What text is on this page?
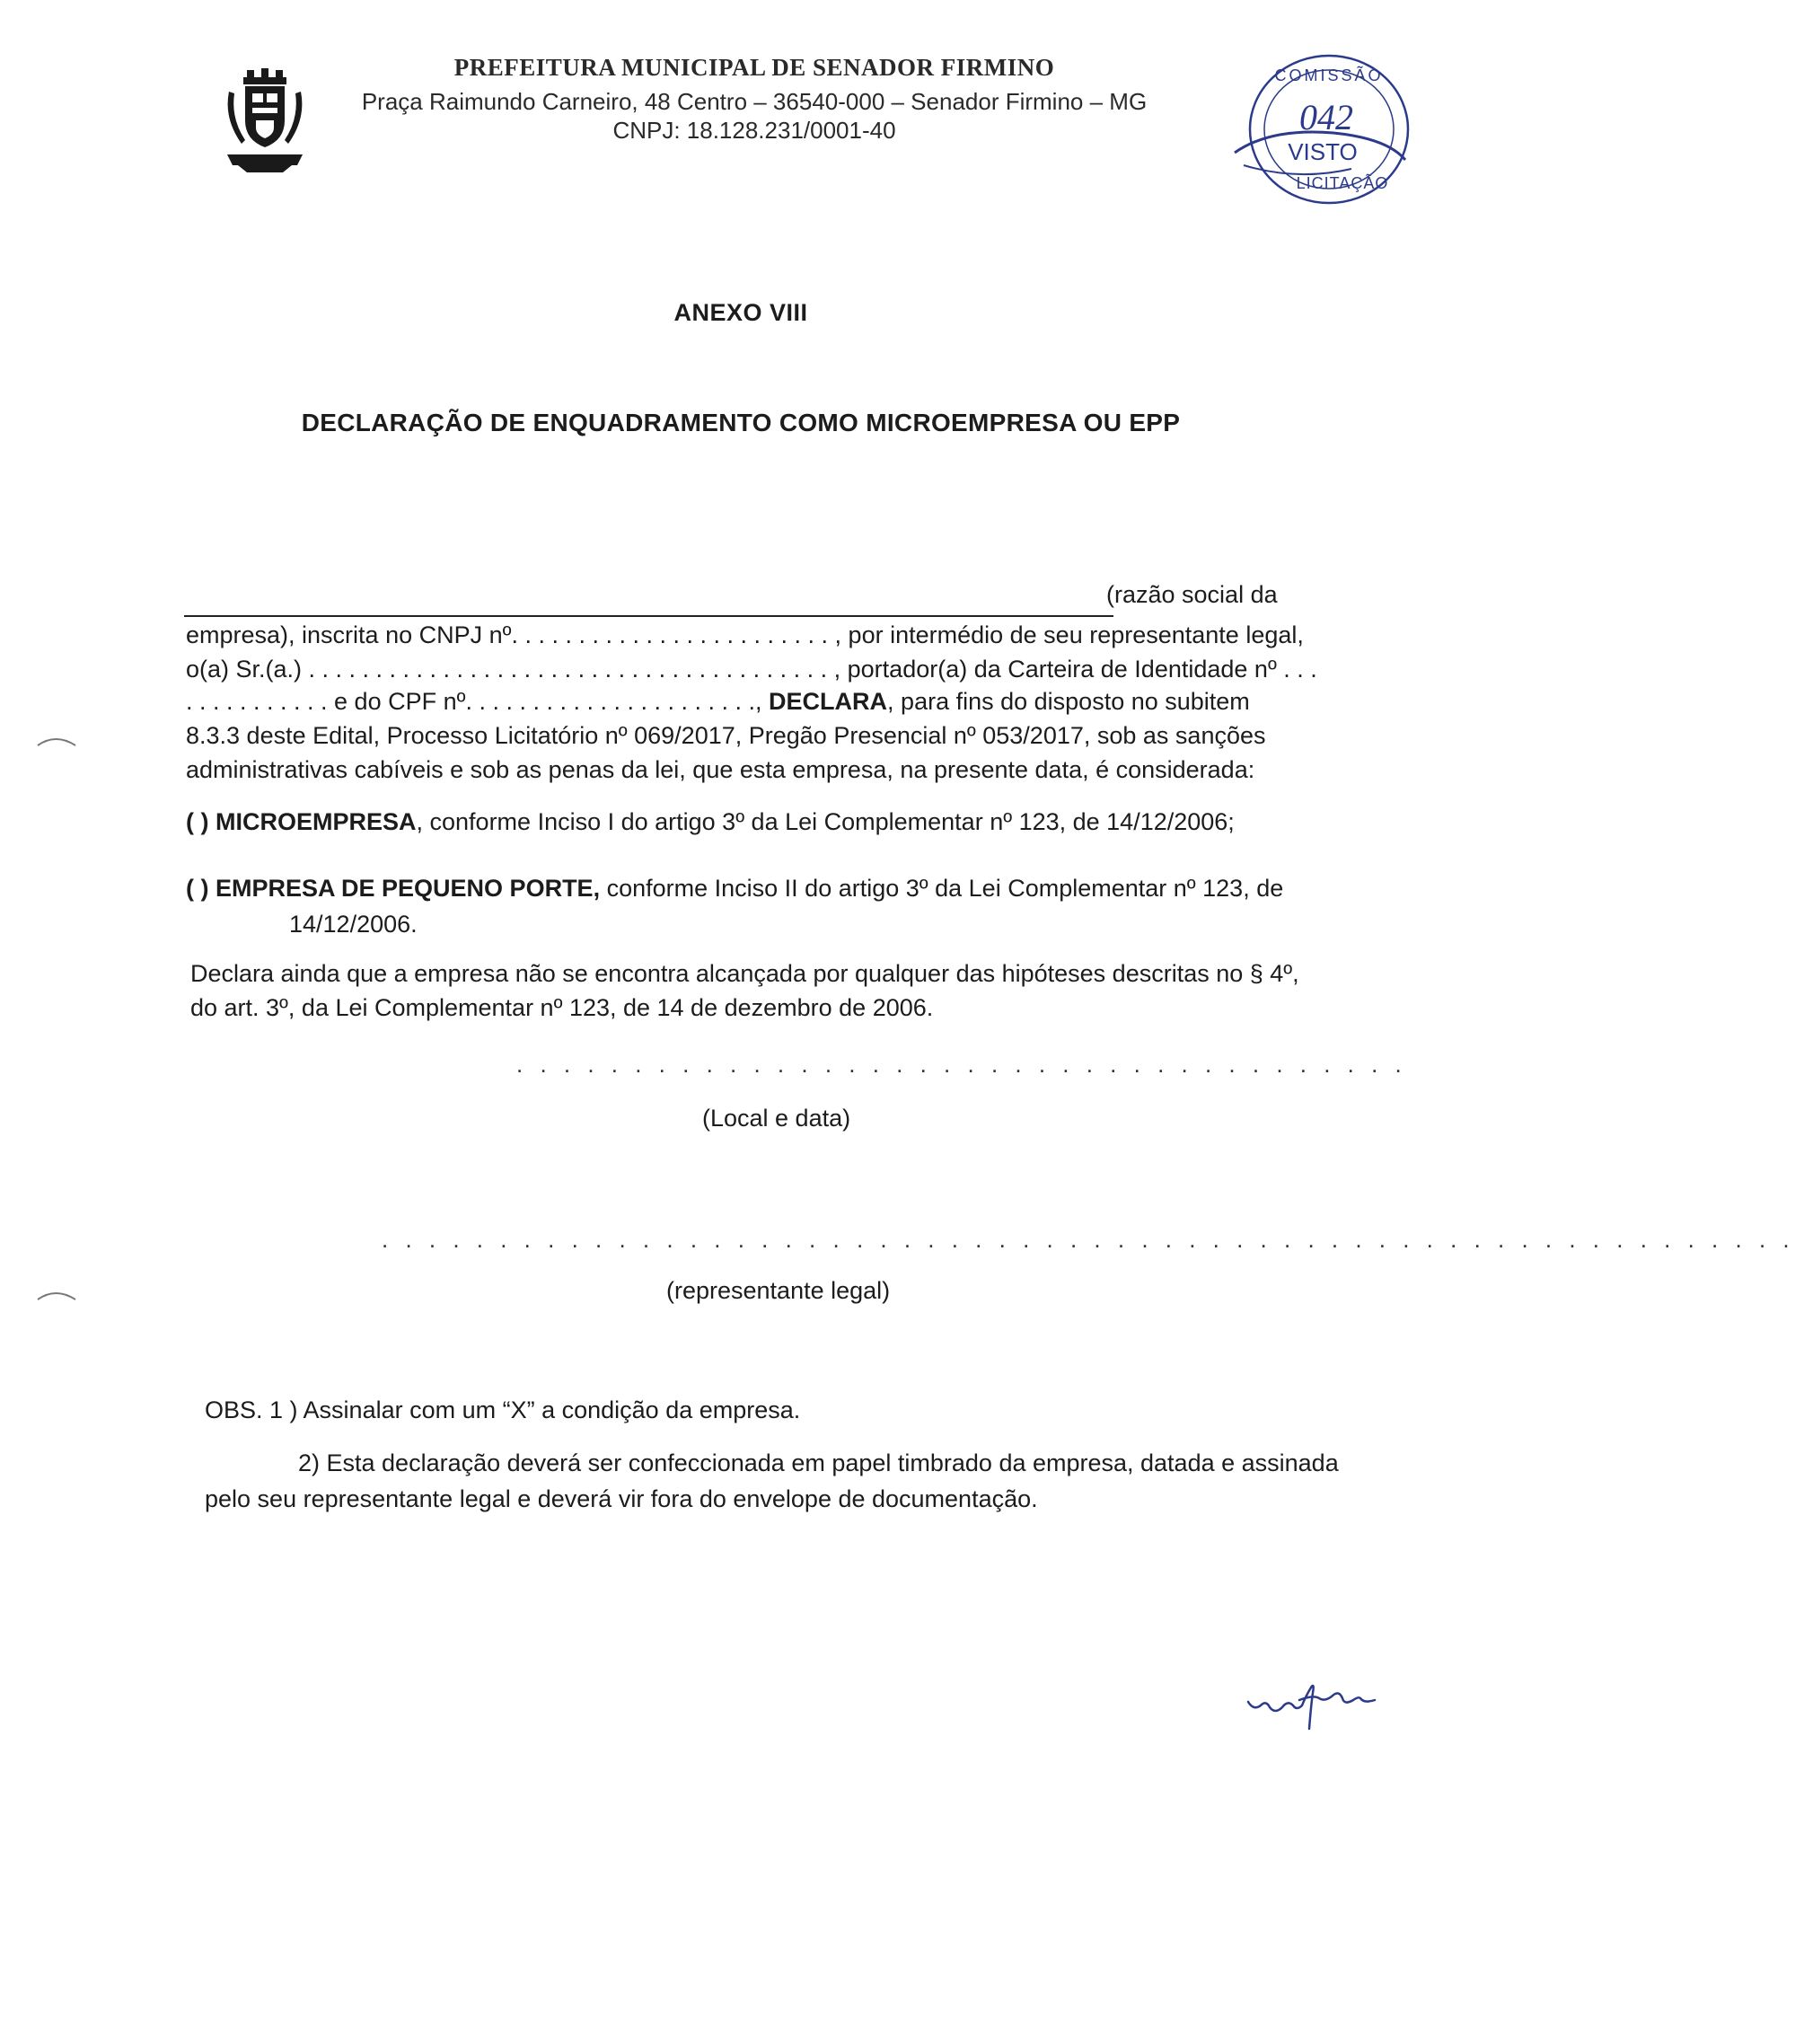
PREFEITURA MUNICIPAL DE SENADOR FIRMINO
Praça Raimundo Carneiro, 48 Centro – 36540-000 – Senador Firmino – MG
CNPJ: 18.128.231/0001-40
COMISSÃO
042
VISTO
LICITAÇÃO
ANEXO VIII
DECLARAÇÃO DE ENQUADRAMENTO COMO MICROEMPRESA OU EPP
(razão social da
empresa), inscrita no CNPJ nº. . . . . . . . . . . . . . . . . . . . . . . . , por intermédio de seu representante legal,
o(a) Sr.(a.) . . . . . . . . . . . . . . . . . . . . . . . . . . . . . . . . . . . . . . . , portador(a) da Carteira de Identidade nº . . .
. . . . . . . . . . . e do CPF nº. . . . . . . . . . . . . . . . . . . . . ., DECLARA, para fins do disposto no subitem
8.3.3 deste Edital, Processo Licitatório nº 069/2017, Pregão Presencial nº 053/2017, sob as sanções
administrativas cabíveis e sob as penas da lei, que esta empresa, na presente data, é considerada:
( ) MICROEMPRESA, conforme Inciso I do artigo 3º da Lei Complementar nº 123, de 14/12/2006;
( ) EMPRESA DE PEQUENO PORTE, conforme Inciso II do artigo 3º da Lei Complementar nº 123, de
14/12/2006.
Declara ainda que a empresa não se encontra alcançada por qualquer das hipóteses descritas no § 4º,
do art. 3º, da Lei Complementar nº 123, de 14 de dezembro de 2006.
. . . . . . . . . . . . . . . . . . . . . . . . . . . . . . . . . . . . . .
(Local e data)
. . . . . . . . . . . . . . . . . . . . . . . . . . . . . . . . . . . . . . . . . . . . . . . . . . . . . . . . . . . .
(representante legal)
OBS. 1 ) Assinalar com um “X” a condição da empresa.
2) Esta declaração deverá ser confeccionada em papel timbrado da empresa, datada e assinada
pelo seu representante legal e deverá vir fora do envelope de documentação.
